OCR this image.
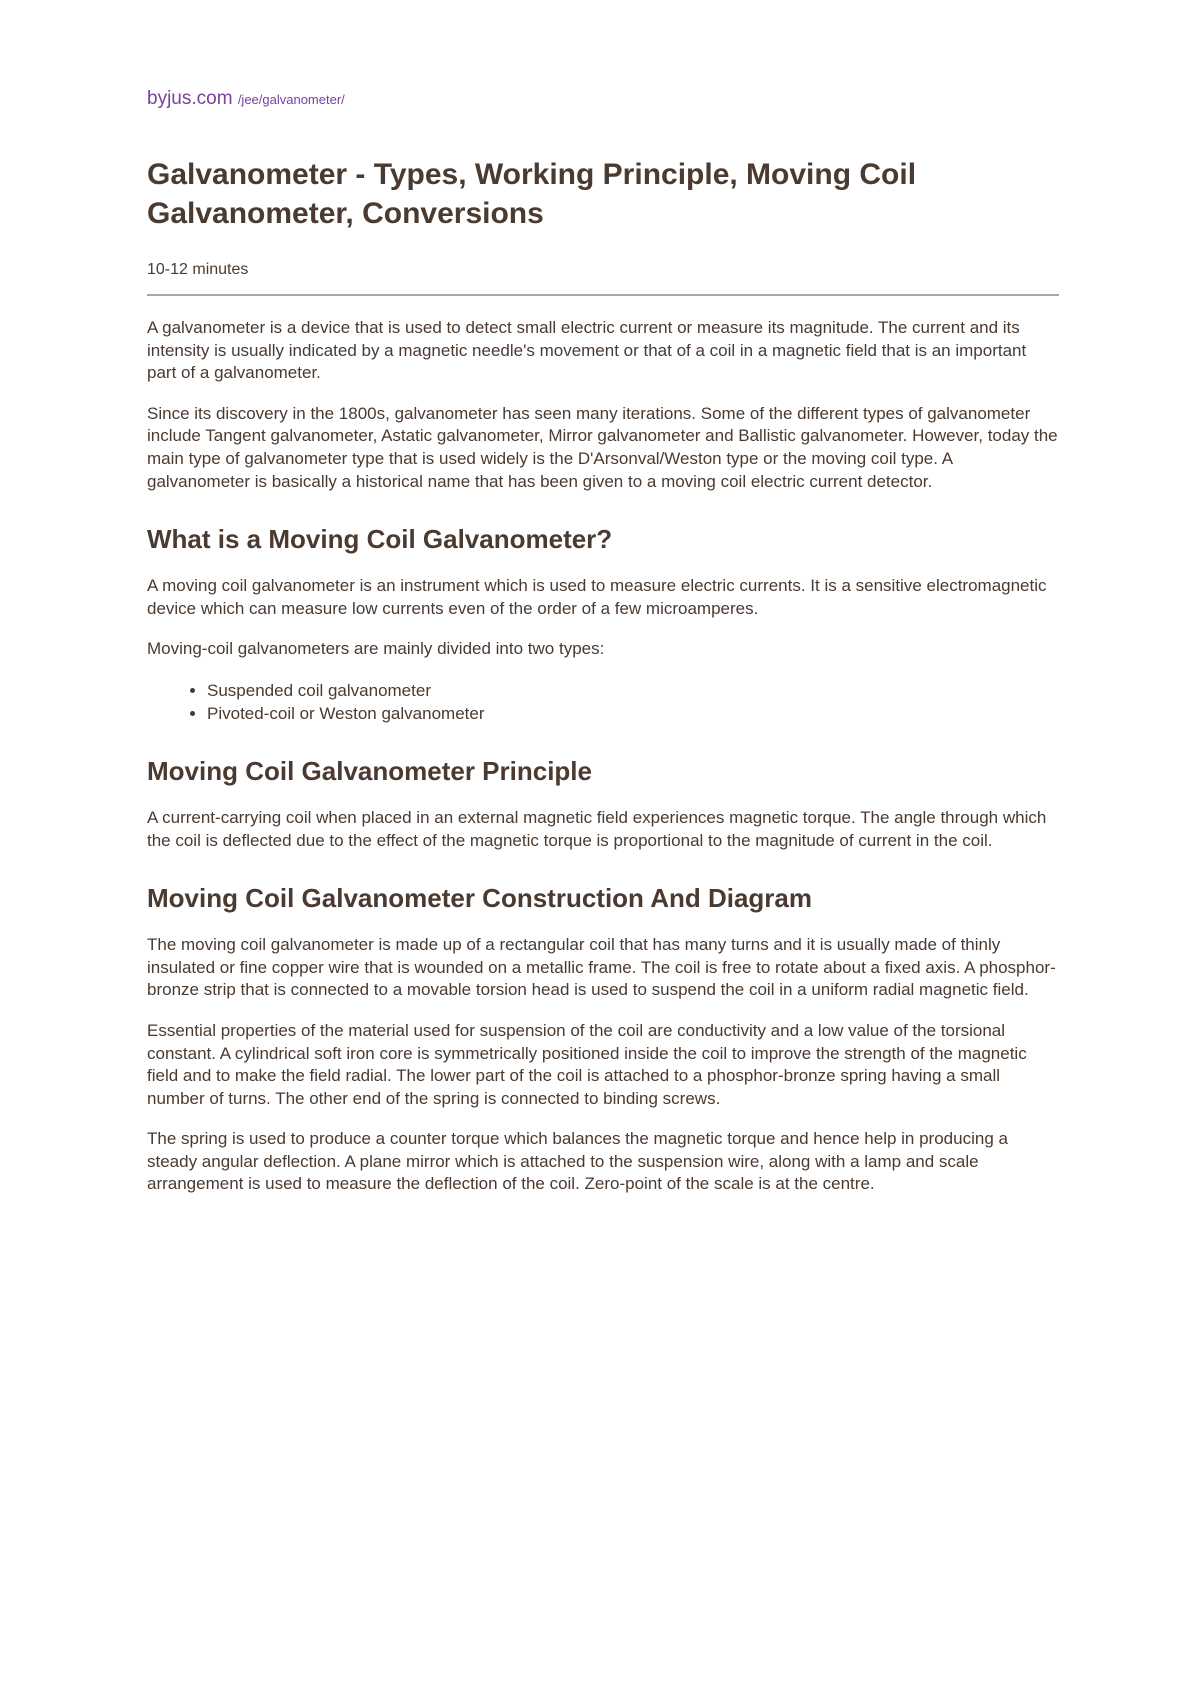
byjus.com /jee/galvanometer/
Galvanometer - Types, Working Principle, Moving Coil Galvanometer, Conversions
10-12 minutes

A galvanometer is a device that is used to detect small electric current or measure its magnitude. The current and its intensity is usually indicated by a magnetic needle's movement or that of a coil in a magnetic field that is an important part of a galvanometer.

Since its discovery in the 1800s, galvanometer has seen many iterations. Some of the different types of galvanometer include Tangent galvanometer, Astatic galvanometer, Mirror galvanometer and Ballistic galvanometer. However, today the main type of galvanometer type that is used widely is the D'Arsonval/Weston type or the moving coil type. A galvanometer is basically a historical name that has been given to a moving coil electric current detector.

What is a Moving Coil Galvanometer?

A moving coil galvanometer is an instrument which is used to measure electric currents. It is a sensitive electromagnetic device which can measure low currents even of the order of a few microamperes.

Moving-coil galvanometers are mainly divided into two types:

• Suspended coil galvanometer
• Pivoted-coil or Weston galvanometer
Moving Coil Galvanometer Principle

A current-carrying coil when placed in an external magnetic field experiences magnetic torque. The angle through which the coil is deflected due to the effect of the magnetic torque is proportional to the magnitude of current in the coil.

Moving Coil Galvanometer Construction And Diagram

The moving coil galvanometer is made up of a rectangular coil that has many turns and it is usually made of thinly insulated or fine copper wire that is wounded on a metallic frame. The coil is free to rotate about a fixed axis. A phosphor-bronze strip that is connected to a movable torsion head is used to suspend the coil in a uniform radial magnetic field.

Essential properties of the material used for suspension of the coil are conductivity and a low value of the torsional constant. A cylindrical soft iron core is symmetrically positioned inside the coil to improve the strength of the magnetic field and to make the field radial. The lower part of the coil is attached to a phosphor-bronze spring having a small number of turns. The other end of the spring is connected to binding screws.

The spring is used to produce a counter torque which balances the magnetic torque and hence help in producing a steady angular deflection. A plane mirror which is attached to the suspension wire, along with a lamp and scale arrangement is used to measure the deflection of the coil. Zero-point of the scale is at the centre.
